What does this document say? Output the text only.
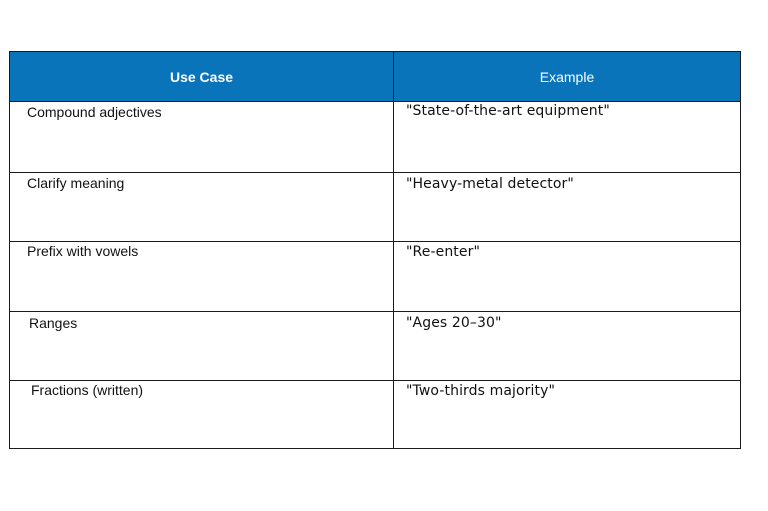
Use Case	Example
Compound adjectives	"State-of-the-art equipment"
Clarify meaning	"Heavy-metal detector"
Prefix with vowels	"Re-enter"
Ranges	"Ages 20–30"
Fractions (written)	"Two-thirds majority"
